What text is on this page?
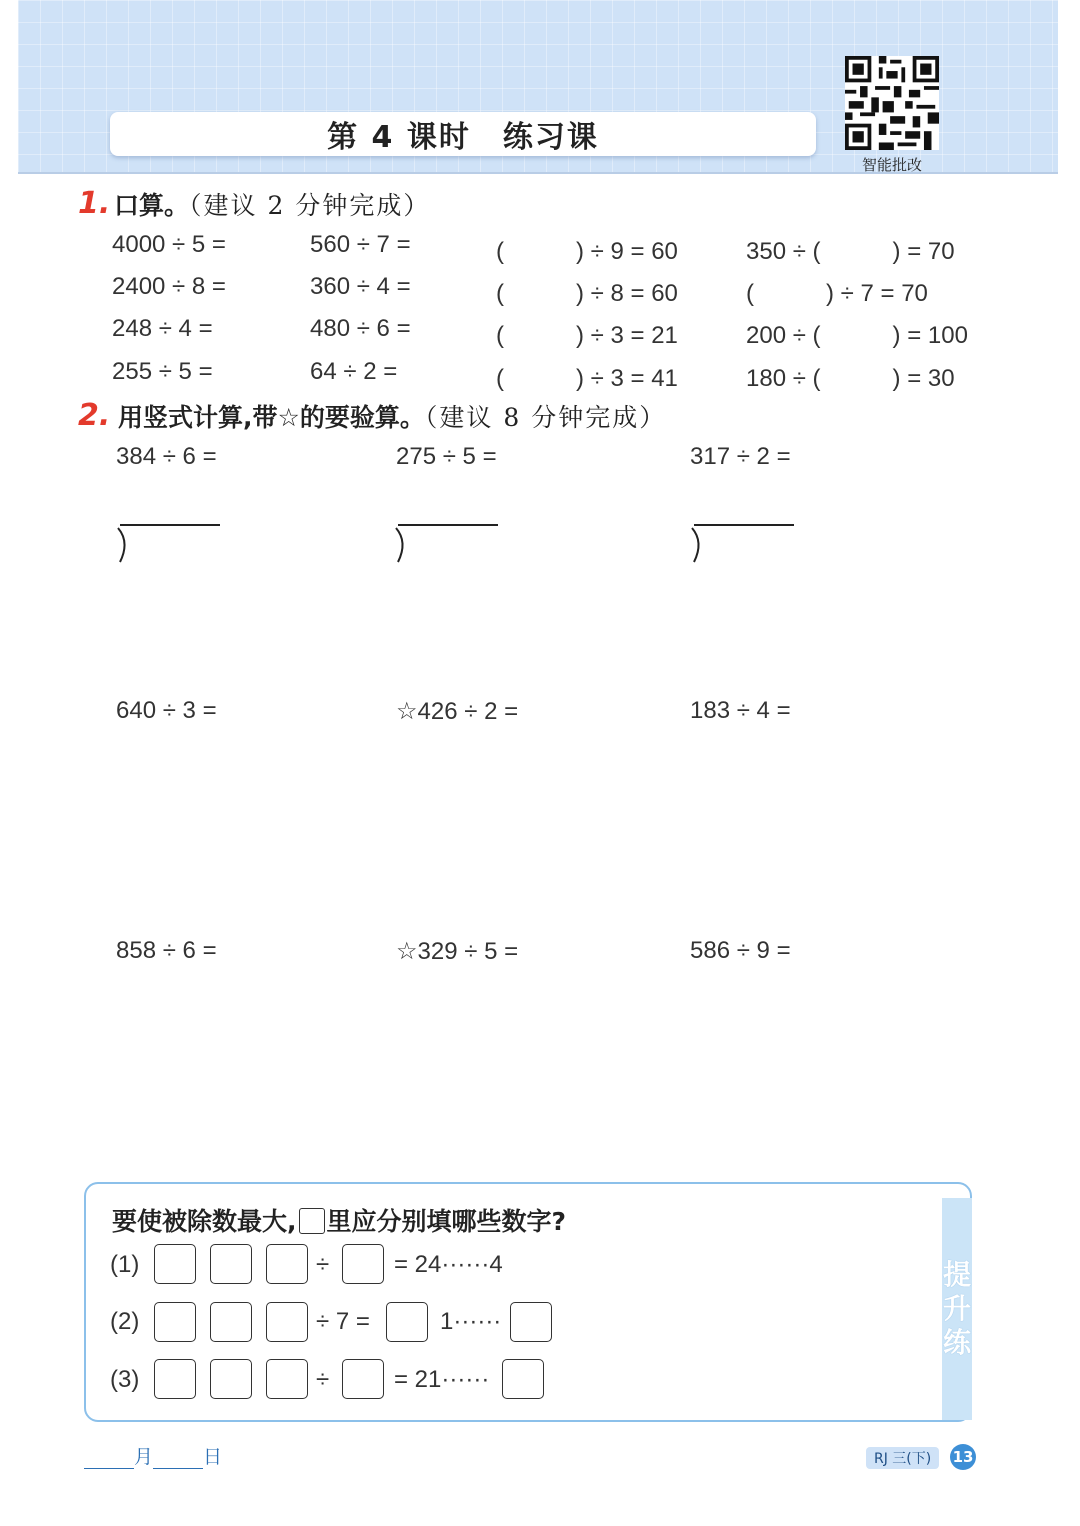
第 4 课时　练习课
智能批改
1. 口算。（建议 2 分钟完成）
4000 ÷ 5 =	560 ÷ 7 =	(　　　) ÷ 9 = 60	350 ÷ (　　　) = 70
2400 ÷ 8 =	360 ÷ 4 =	(　　　) ÷ 8 = 60	(　　　) ÷ 7 = 70
248 ÷ 4 =	480 ÷ 6 =	(　　　) ÷ 3 = 21	200 ÷ (　　　) = 100
255 ÷ 5 =	64 ÷ 2 =	(　　　) ÷ 3 = 41	180 ÷ (　　　) = 30
2. 用竖式计算,带☆的要验算。（建议 8 分钟完成）
384 ÷ 6 =	275 ÷ 5 =	317 ÷ 2 =
640 ÷ 3 =	☆426 ÷ 2 =	183 ÷ 4 =
858 ÷ 6 =	☆329 ÷ 5 =	586 ÷ 9 =
提
升
练
要使被除数最大, 里应分别填哪些数字?
(1)	÷	= 24······4
(2)	÷ 7 =	1······
(3)	÷	= 21······
月	日	RJ 三(下)	13
